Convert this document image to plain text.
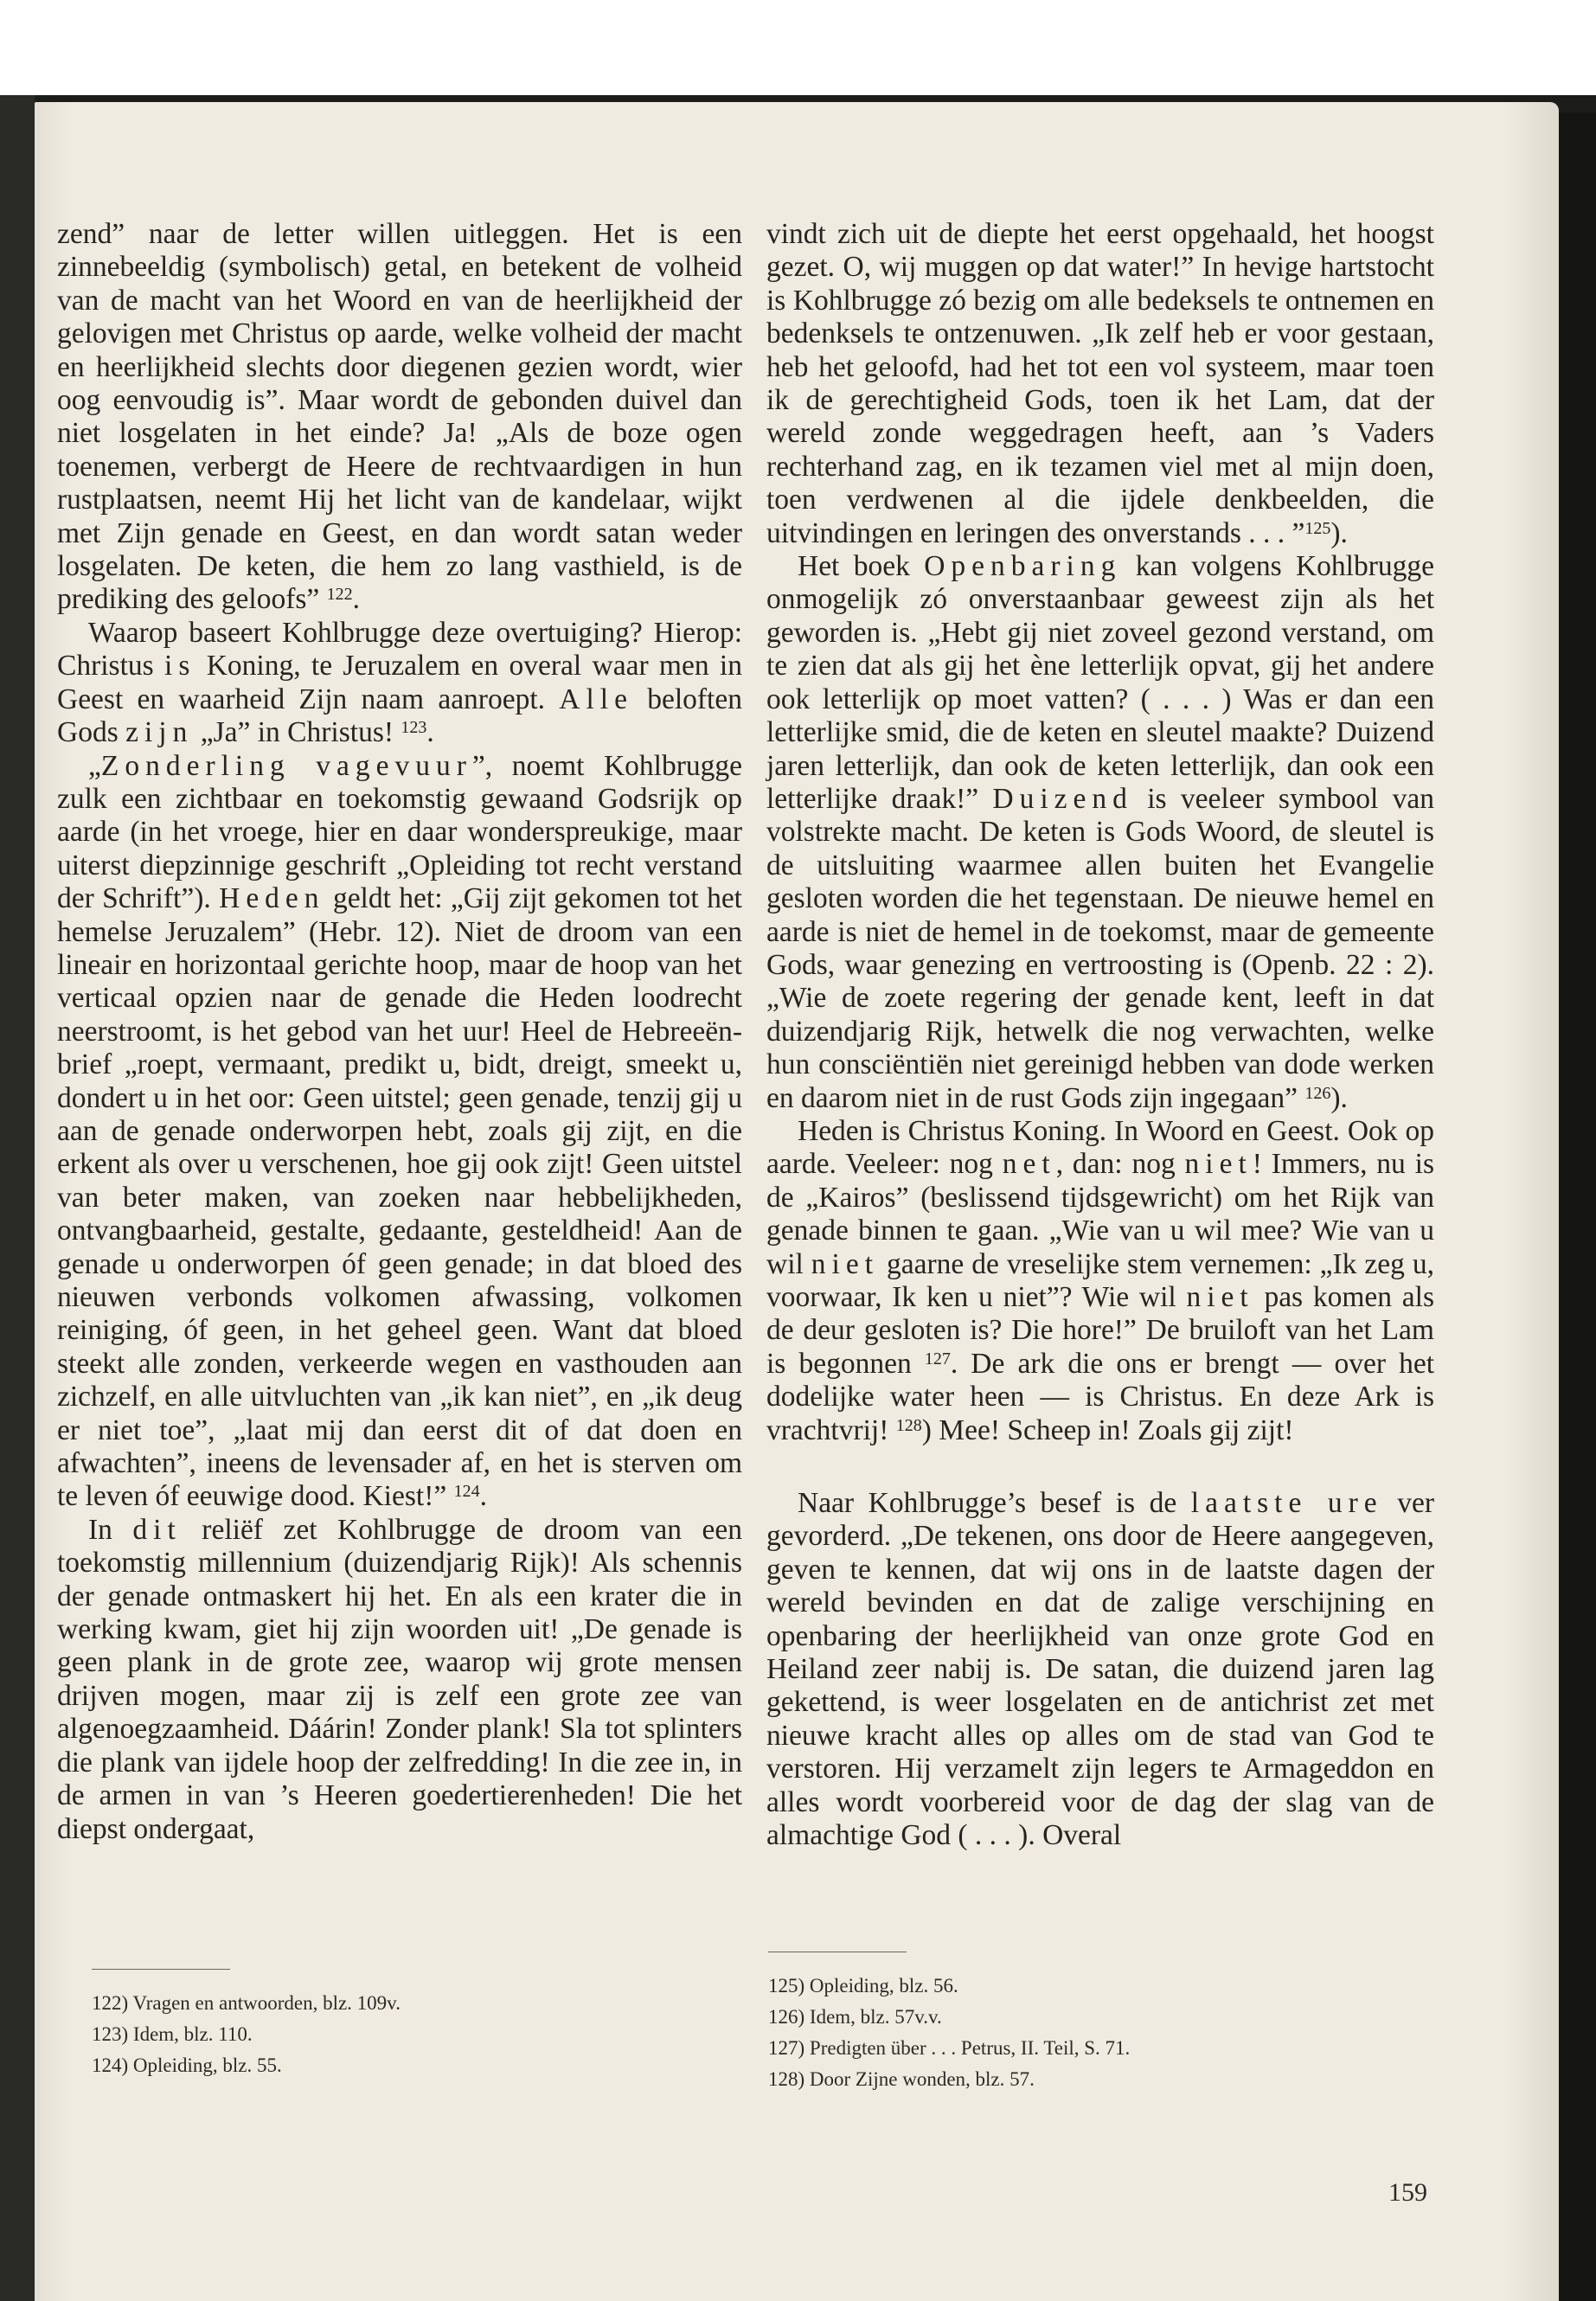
zend” naar de letter willen uitleggen. Het is een zinnebeeldig (symbolisch) getal, en betekent de volheid van de macht van het Woord en van de heerlijkheid der gelovigen met Christus op aarde, welke volheid der macht en heerlijkheid slechts door diegenen gezien wordt, wier oog eenvoudig is”. Maar wordt de gebonden duivel dan niet losgelaten in het einde? Ja! „Als de boze ogen toenemen, verbergt de Heere de rechtvaardigen in hun rustplaatsen, neemt Hij het licht van de kandelaar, wijkt met Zijn genade en Geest, en dan wordt satan weder losgelaten. De keten, die hem zo lang vasthield, is de prediking des geloofs” $^{122}$.

Waarop baseert Kohlbrugge deze overtuiging? Hierop: Christus is Koning, te Jeruzalem en overal waar men in Geest en waarheid Zijn naam aanroept. Alle beloften Gods zijn „Ja” in Christus! $^{123}$.

„Zonderling vagevuur”, noemt Kohlbrugge zulk een zichtbaar en toekomstig gewaand Godsrijk op aarde (in het vroege, hier en daar wonderspreukige, maar uiterst diepzinnige geschrift „Opleiding tot recht verstand der Schrift”). Heden geldt het: „Gij zijt gekomen tot het hemelse Jeruzalem” (Hebr. 12). Niet de droom van een lineair en horizontaal gerichte hoop, maar de hoop van het verticaal opzien naar de genade die Heden loodrecht neerstroomt, is het gebod van het uur! Heel de Hebreeën-brief „roept, vermaant, predikt u, bidt, dreigt, smeekt u, dondert u in het oor: Geen uitstel; geen genade, tenzij gij u aan de genade onderworpen hebt, zoals gij zijt, en die erkent als over u verschenen, hoe gij ook zijt! Geen uitstel van beter maken, van zoeken naar hebbelijkheden, ontvangbaarheid, gestalte, gedaante, gesteldheid! Aan de genade u onderworpen óf geen genade; in dat bloed des nieuwen verbonds volkomen afwassing, volkomen reiniging, óf geen, in het geheel geen. Want dat bloed steekt alle zonden, verkeerde wegen en vasthouden aan zichzelf, en alle uitvluchten van „ik kan niet”, en „ik deug er niet toe”, „laat mij dan eerst dit of dat doen en afwachten”, ineens de levensader af, en het is sterven om te leven óf eeuwige dood. Kiest!” $^{124}$.

In dit reliëf zet Kohlbrugge de droom van een toekomstig millennium (duizendjarig Rijk)! Als schennis der genade ontmaskert hij het. En als een krater die in werking kwam, giet hij zijn woorden uit! „De genade is geen plank in de grote zee, waarop wij grote mensen drijven mogen, maar zij is zelf een grote zee van algenoegzaamheid. Dáárin! Zonder plank! Sla tot splinters die plank van ijdele hoop der zelfredding! In die zee in, in de armen in van ’s Heeren goedertierenheden! Die het diepst ondergaat,

vindt zich uit de diepte het eerst opgehaald, het hoogst gezet. O, wij muggen op dat water!” In hevige hartstocht is Kohlbrugge zó bezig om alle bedeksels te ontnemen en bedenksels te ontzenuwen. „Ik zelf heb er voor gestaan, heb het geloofd, had het tot een vol systeem, maar toen ik de gerechtigheid Gods, toen ik het Lam, dat der wereld zonde weggedragen heeft, aan ’s Vaders rechterhand zag, en ik tezamen viel met al mijn doen, toen verdwenen al die ijdele denkbeelden, die uitvindingen en leringen des onverstands . . . ”$^{125}$).

Het boek Openbaring kan volgens Kohlbrugge onmogelijk zó onverstaanbaar geweest zijn als het geworden is. „Hebt gij niet zoveel gezond verstand, om te zien dat als gij het ène letterlijk opvat, gij het andere ook letterlijk op moet vatten? ( . . . ) Was er dan een letterlijke smid, die de keten en sleutel maakte? Duizend jaren letterlijk, dan ook de keten letterlijk, dan ook een letterlijke draak!” Duizend is veeleer symbool van volstrekte macht. De keten is Gods Woord, de sleutel is de uitsluiting waarmee allen buiten het Evangelie gesloten worden die het tegenstaan. De nieuwe hemel en aarde is niet de hemel in de toekomst, maar de gemeente Gods, waar genezing en vertroosting is (Openb. 22 : 2). „Wie de zoete regering der genade kent, leeft in dat duizendjarig Rijk, hetwelk die nog verwachten, welke hun consciëntiën niet gereinigd hebben van dode werken en daarom niet in de rust Gods zijn ingegaan” $^{126}$).

Heden is Christus Koning. In Woord en Geest. Ook op aarde. Veeleer: nog net, dan: nog niet! Immers, nu is de „Kairos” (beslissend tijdsgewricht) om het Rijk van genade binnen te gaan. „Wie van u wil mee? Wie van u wil niet gaarne de vreselijke stem vernemen: „Ik zeg u, voorwaar, Ik ken u niet”? Wie wil niet pas komen als de deur gesloten is? Die hore!” De bruiloft van het Lam is begonnen $^{127}$. De ark die ons er brengt — over het dodelijke water heen — is Christus. En deze Ark is vrachtvrij! $^{128}$) Mee! Scheep in! Zoals gij zijt!

Naar Kohlbrugge’s besef is de laatste ure ver gevorderd. „De tekenen, ons door de Heere aangegeven, geven te kennen, dat wij ons in de laatste dagen der wereld bevinden en dat de zalige verschijning en openbaring der heerlijkheid van onze grote God en Heiland zeer nabij is. De satan, die duizend jaren lag gekettend, is weer losgelaten en de antichrist zet met nieuwe kracht alles op alles om de stad van God te verstoren. Hij verzamelt zijn legers te Armageddon en alles wordt voorbereid voor de dag der slag van de almachtige God ( . . . ). Overal

122) Vragen en antwoorden, blz. 109v.
123) Idem, blz. 110.
124) Opleiding, blz. 55.
125) Opleiding, blz. 56.
126) Idem, blz. 57v.v.
127) Predigten über . . . Petrus, II. Teil, S. 71.
128) Door Zijne wonden, blz. 57.
159
